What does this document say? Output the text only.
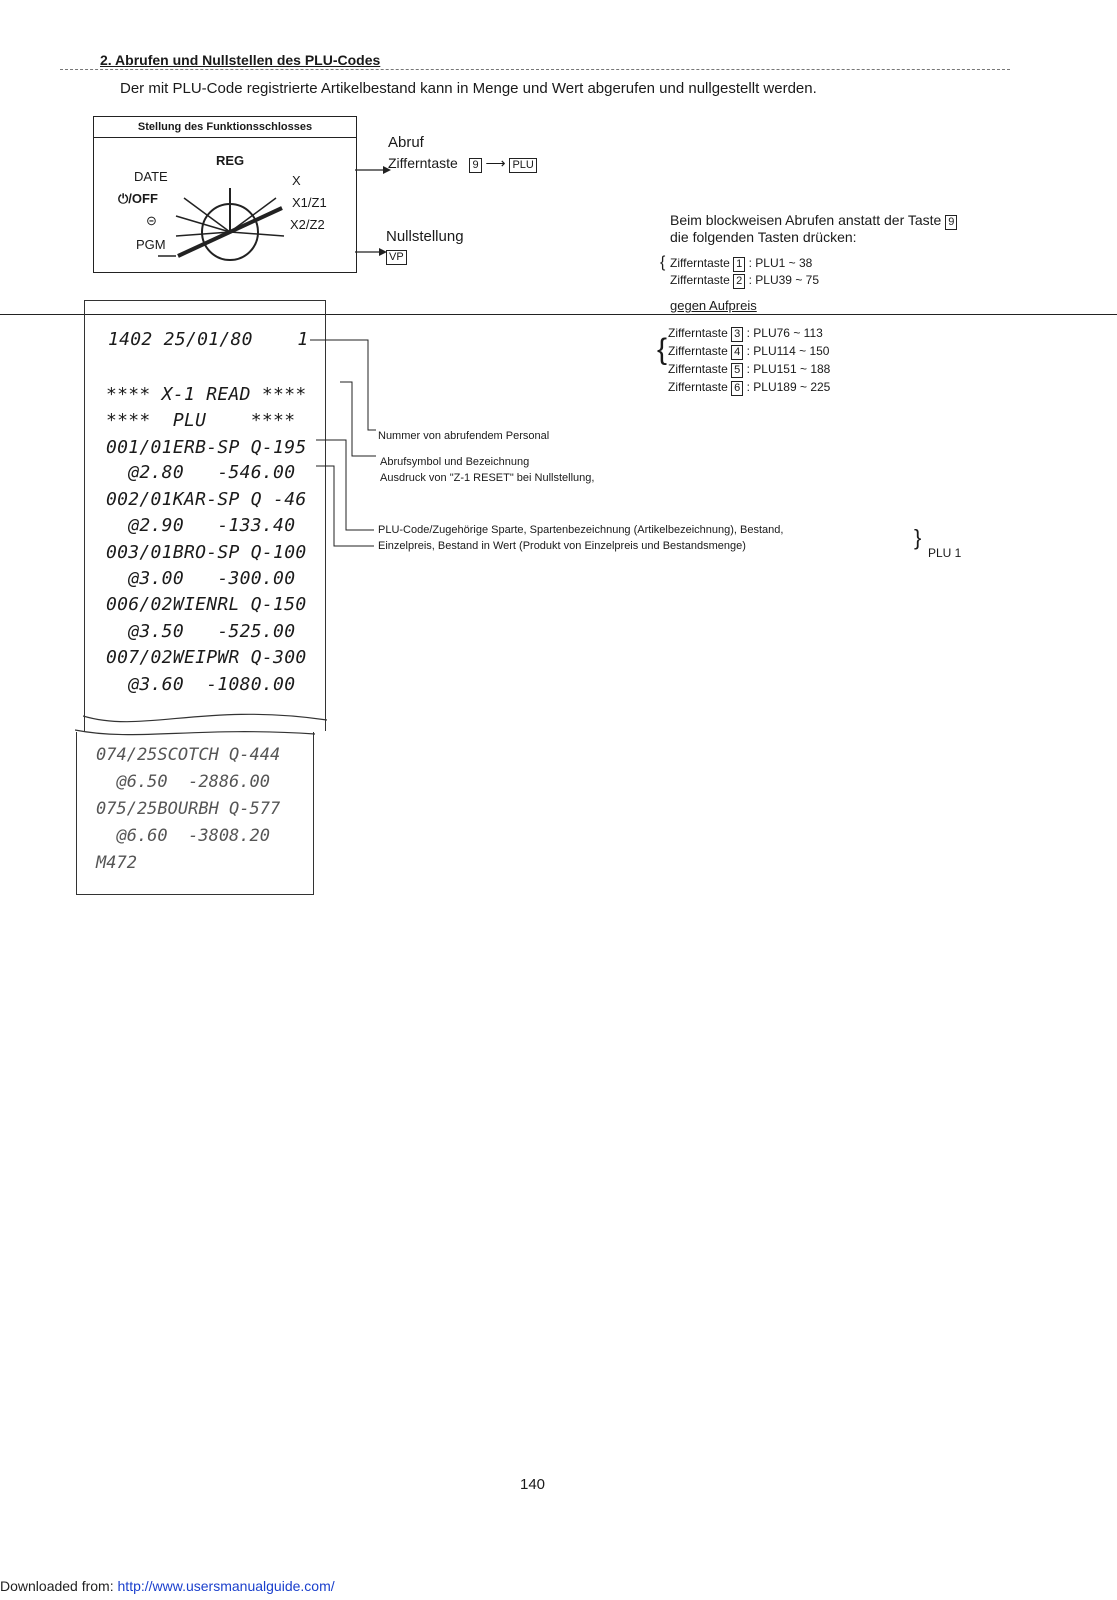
2. Abrufen und Nullstellen des PLU-Codes
Der mit PLU-Code registrierte Artikelbestand kann in Menge und Wert abgerufen und nullgestellt werden.
Stellung des Funktionsschlosses
REG
DATE	X
⏻/OFF	X1/Z1
⊝	X2/Z2
PGM
Abruf
Zifferntaste 9 ⟶ PLU
Nullstellung
VP
Beim blockweisen Abrufen anstatt der Taste 9
die folgenden Tasten drücken:
{ Zifferntaste 1 : PLU1 ~ 38
Zifferntaste 2 : PLU39 ~ 75
gegen Aufpreis
{ Zifferntaste 3 : PLU76 ~ 113
Zifferntaste 4 : PLU114 ~ 150
Zifferntaste 5 : PLU151 ~ 188
Zifferntaste 6 : PLU189 ~ 225
1402 25/01/80    1
**** X-1 READ ****
****  PLU    ****
001/01ERB-SP Q-195
@2.80   -546.00
002/01KAR-SP Q -46
@2.90   -133.40
003/01BRO-SP Q-100
@3.00   -300.00
006/02WIENRL Q-150
@3.50   -525.00
007/02WEIPWR Q-300
@3.60  -1080.00
074/25SCOTCH Q-444
@6.50  -2886.00
075/25BOURBH Q-577
@6.60  -3808.20
M472
Nummer von abrufendem Personal
Abrufsymbol und Bezeichnung
Ausdruck von "Z-1 RESET" bei Nullstellung,
PLU-Code/Zugehörige Sparte, Spartenbezeichnung (Artikelbezeichnung), Bestand,
Einzelpreis, Bestand in Wert (Produkt von Einzelpreis und Bestandsmenge)	}
PLU 1
140
Downloaded from: http://www.usersmanualguide.com/
